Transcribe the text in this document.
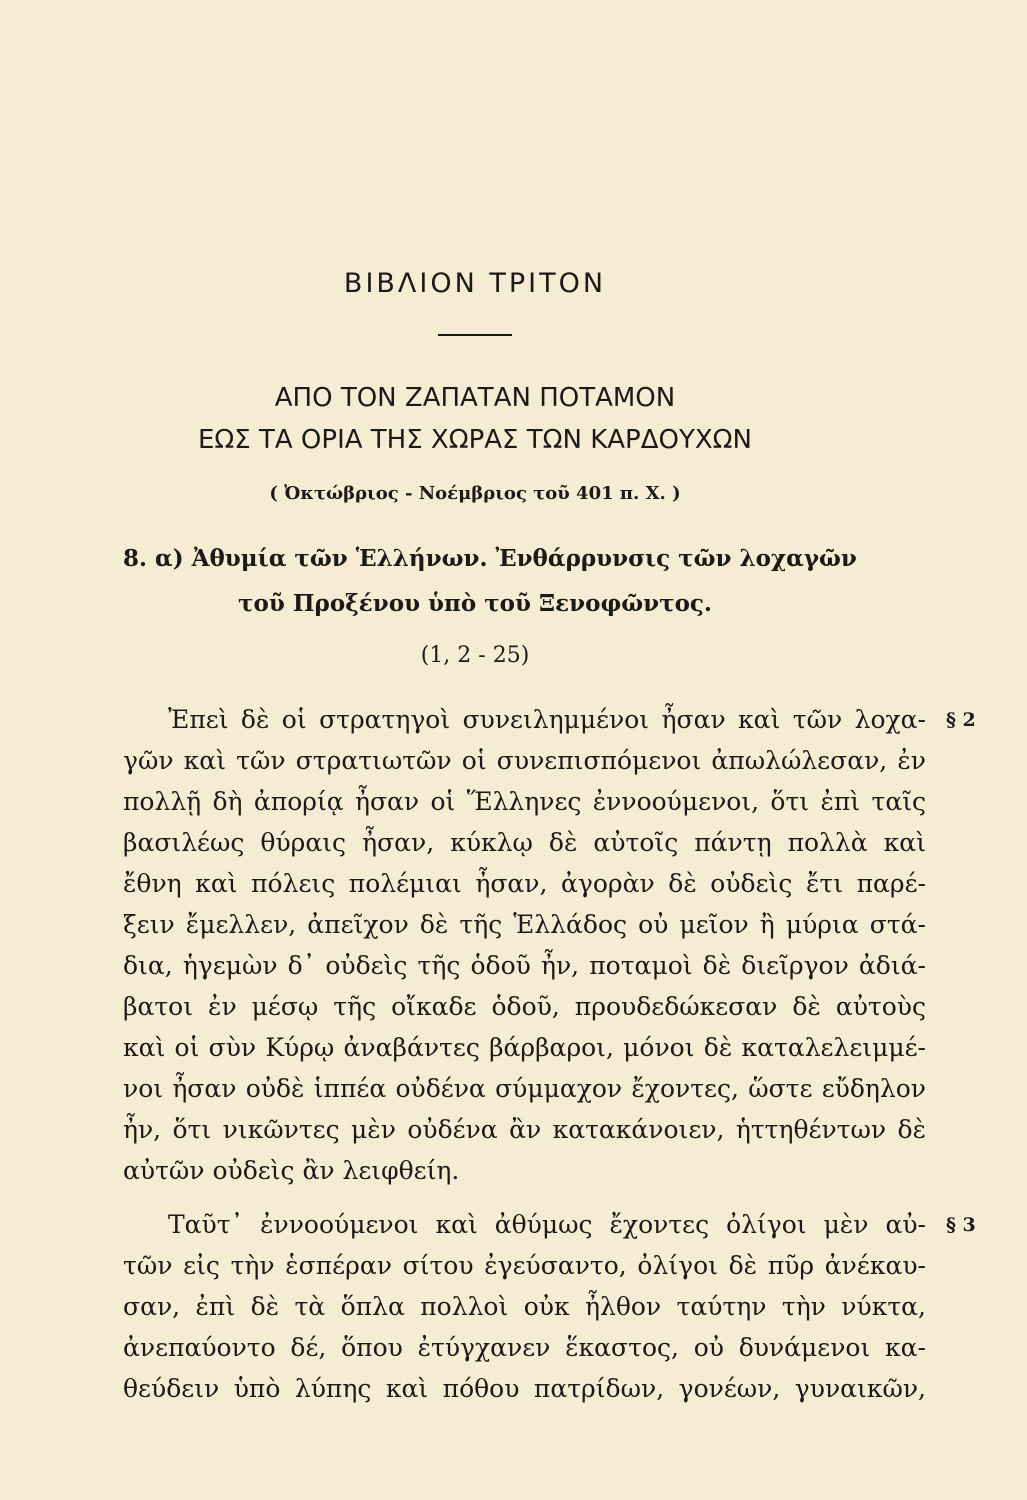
ΒΙΒΛΙΟΝ ΤΡΙΤΟΝ
ΑΠΟ ΤΟΝ ΖΑΠΑΤΑΝ ΠΟΤΑΜΟΝ
ΕΩΣ ΤΑ ΟΡΙΑ ΤΗΣ ΧΩΡΑΣ ΤΩΝ ΚΑΡΔΟΥΧΩΝ
( Ὀκτώβριος - Νοέμβριος τοῦ 401 π. Χ. )
8. α) Ἀθυμία τῶν Ἑλλήνων. Ἐνθάρρυνσις τῶν λοχαγῶν
τοῦ Προξένου ὑπὸ τοῦ Ξενοφῶντος.
(1, 2 - 25)
Ἐπεὶ δὲ οἱ στρατηγοὶ συνειλημμένοι ἦσαν καὶ τῶν λοχα- § 2
γῶν καὶ τῶν στρατιωτῶν οἱ συνεπισπόμενοι ἀπωλώλεσαν, ἐν
πολλῇ δὴ ἀπορίᾳ ἦσαν οἱ Ἕλληνες ἐννοούμενοι, ὅτι ἐπὶ ταῖς
βασιλέως θύραις ἦσαν, κύκλῳ δὲ αὐτοῖς πάντῃ πολλὰ καὶ
ἔθνη καὶ πόλεις πολέμιαι ἦσαν, ἀγορὰν δὲ οὐδεὶς ἔτι παρέ-
ξειν ἔμελλεν, ἀπεῖχον δὲ τῆς Ἑλλάδος οὐ μεῖον ἢ μύρια στά-
δια, ἡγεμὼν δ᾽ οὐδεὶς τῆς ὁδοῦ ἦν, ποταμοὶ δὲ διεῖργον ἀδιά-
βατοι ἐν μέσῳ τῆς οἴκαδε ὁδοῦ, προυδεδώκεσαν δὲ αὐτοὺς
καὶ οἱ σὺν Κύρῳ ἀναβάντες βάρβαροι, μόνοι δὲ καταλελειμμέ-
νοι ἦσαν οὐδὲ ἱππέα οὐδένα σύμμαχον ἔχοντες, ὥστε εὔδηλον
ἦν, ὅτι νικῶντες μὲν οὐδένα ἂν κατακάνοιεν, ἡττηθέντων δὲ
αὐτῶν οὐδεὶς ἂν λειφθείη.
Ταῦτ᾽ ἐννοούμενοι καὶ ἀθύμως ἔχοντες ὀλίγοι μὲν αὐ- § 3
τῶν εἰς τὴν ἑσπέραν σίτου ἐγεύσαντο, ὀλίγοι δὲ πῦρ ἀνέκαυ-
σαν, ἐπὶ δὲ τὰ ὅπλα πολλοὶ οὐκ ἦλθον ταύτην τὴν νύκτα,
ἀνεπαύοντο δέ, ὅπου ἐτύγχανεν ἕκαστος, οὐ δυνάμενοι κα-
θεύδειν ὑπὸ λύπης καὶ πόθου πατρίδων, γονέων, γυναικῶν,
